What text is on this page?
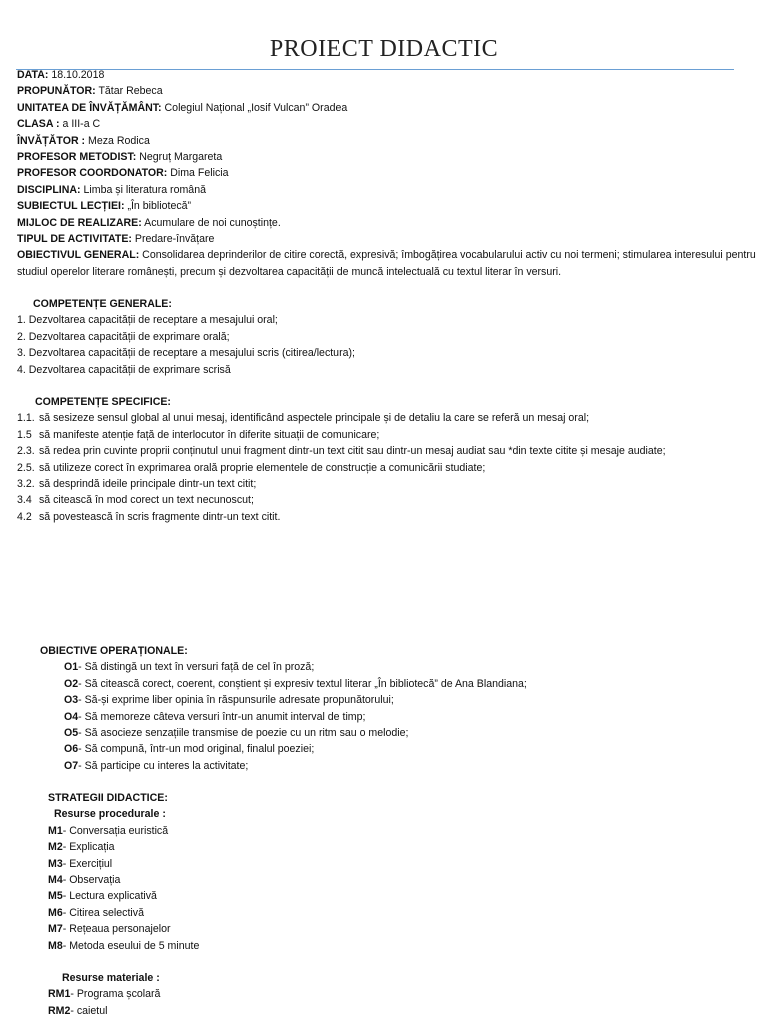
PROIECT DIDACTIC
DATA: 18.10.2018
PROPUNĂTOR: Tătar Rebeca
UNITATEA DE ÎNVĂȚĂMÂNT: Colegiul Național „Iosif Vulcan” Oradea
CLASA : a III-a C
ÎNVĂȚĂTOR : Meza Rodica
PROFESOR METODIST: Negruț Margareta
PROFESOR COORDONATOR: Dima Felicia
DISCIPLINA: Limba și literatura română
SUBIECTUL LECȚIEI: „În bibliotecă”
MIJLOC DE REALIZARE: Acumulare de noi cunoștințe.
TIPUL DE ACTIVITATE: Predare-învățare
OBIECTIVUL GENERAL: Consolidarea deprinderilor de citire corectă, expresivă; îmbogățirea vocabularului activ cu noi termeni; stimularea interesului pentru studiul operelor literare românești, precum și dezvoltarea capacității de muncă intelectuală cu textul literar în versuri.
COMPETENȚE GENERALE:
1. Dezvoltarea capacității de receptare a mesajului oral;
2. Dezvoltarea capacității de exprimare orală;
3. Dezvoltarea capacității de receptare a mesajului scris (citirea/lectura);
4. Dezvoltarea capacității de exprimare scrisă
COMPETENȚE SPECIFICE:
1.1. să sesizeze sensul global al unui mesaj, identificând aspectele principale și de detaliu la care se referă un mesaj oral;
1.5 să manifeste atenție față de interlocutor în diferite situații de comunicare;
2.3. să redea prin cuvinte proprii conținutul unui fragment dintr-un text citit sau dintr-un mesaj audiat sau *din texte citite și mesaje audiate;
2.5. să utilizeze corect în exprimarea orală proprie elementele de construcție a comunicării studiate;
3.2. să desprindă ideile principale dintr-un text citit;
3.4 să citească în mod corect un text necunoscut;
4.2 să povestească în scris fragmente dintr-un text citit.
OBIECTIVE OPERAȚIONALE:
O1- Să distingă un text în versuri față de cel în proză;
O2- Să citească corect, coerent, conștient și expresiv textul literar „În bibliotecă” de Ana Blandiana;
O3- Să-și exprime liber opinia în răspunsurile adresate propunătorului;
O4- Să memoreze câteva versuri într-un anumit interval de timp;
O5- Să asocieze senzațiile transmise de poezie cu un ritm sau o melodie;
O6- Să compună, într-un mod original, finalul poeziei;
O7- Să participe cu interes la activitate;
STRATEGII DIDACTICE:
Resurse procedurale :
M1- Conversația euristică
M2- Explicația
M3- Exercițiul
M4- Observația
M5- Lectura explicativă
M6- Citirea selectivă
M7- Rețeaua personajelor
M8- Metoda eseului de 5 minute
Resurse materiale :
RM1- Programa școlară
RM2- caietul
